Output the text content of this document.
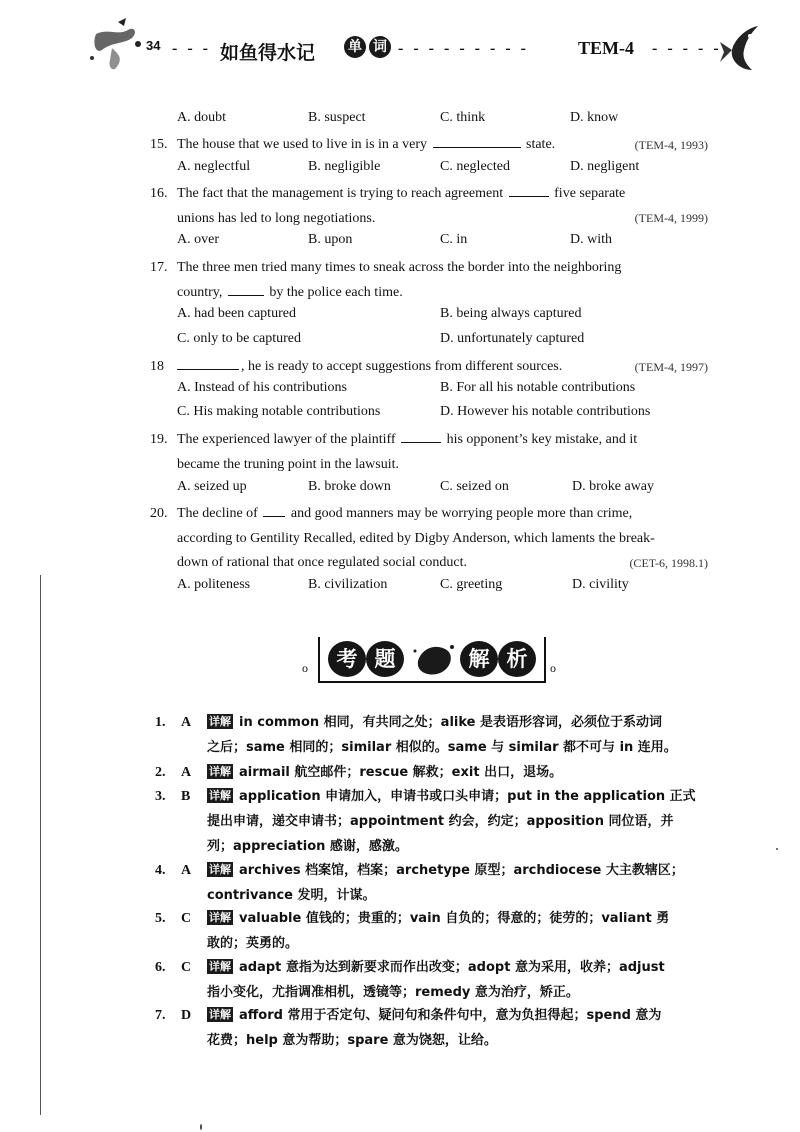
34 - - - 如鱼得水记 单 词 - - - - - - - - -	TEM-4 - - - - -
A. doubt	B. suspect	C. think	D. know
15. The house that we used to live in is in a very	state.	(TEM-4, 1993)
A. neglectful	B. negligible	C. neglected	D. negligent
16. The fact that the management is trying to reach agreement	five separate
unions has led to long negotiations.	(TEM-4, 1999)
A. over	B. upon	C. in	D. with
17. The three men tried many times to sneak across the border into the neighboring
country,	by the police each time.
A. had been captured	B. being always captured
C. only to be captured	D. unfortunately captured
18	, he is ready to accept suggestions from different sources.	(TEM-4, 1997)
A. Instead of his contributions	B. For all his notable contributions
C. His making notable contributions	D. However his notable contributions
19. The experienced lawyer of the plaintiff	his opponent’s key mistake, and it
became the truning point in the lawsuit.
A. seized up	B. broke down	C. seized on	D. broke away
20. The decline of  and good manners may be worrying people more than crime,
according to Gentility Recalled, edited by Digby Anderson, which laments the break-
down of rational that once regulated social conduct.	(CET-6, 1998.1)
A. politeness	B. civilization	C. greeting	D. civility
o	考 题	解 析	o
1. A 详解 in common 相同，有共同之处；alike 是表语形容词，必须位于系动词
之后；same 相同的；similar 相似的。same 与 similar 都不可与 in 连用。
2. A 详解 airmail 航空邮件；rescue 解救；exit 出口，退场。
3. B 详解 application 申请加入，申请书或口头申请；put in the application 正式
提出申请，递交申请书；appointment 约会，约定；apposition 同位语，并
列；appreciation 感谢，感激。
4. A 详解 archives 档案馆，档案；archetype 原型；archdiocese 大主教辖区；
contrivance 发明，计谋。
5. C 详解 valuable 值钱的；贵重的；vain 自负的；得意的；徒劳的；valiant 勇
敢的；英勇的。
6. C 详解 adapt 意指为达到新要求而作出改变；adopt 意为采用，收养；adjust
指小变化，尤指调准相机，透镜等；remedy 意为治疗，矫正。
7. D 详解 afford 常用于否定句、疑问句和条件句中，意为负担得起；spend 意为
花费；help 意为帮助；spare 意为饶恕，让给。
